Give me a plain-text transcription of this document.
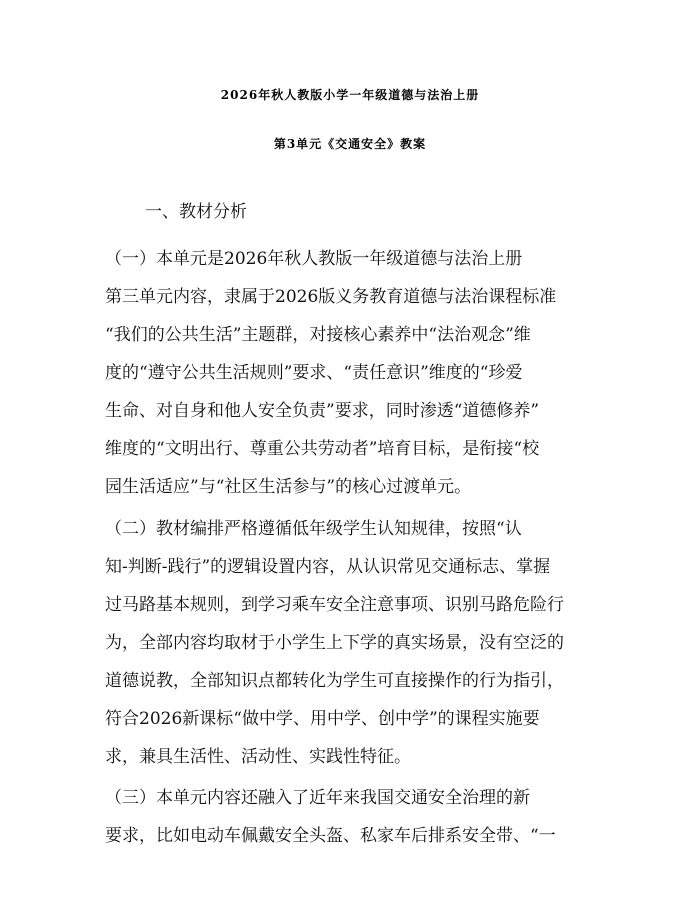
2026年秋人教版小学一年级道德与法治上册
第3单元《交通安全》教案
一、教材分析
（一）本单元是2026年秋人教版一年级道德与法治上册
第三单元内容，隶属于2026版义务教育道德与法治课程标准
“我们的公共生活”主题群，对接核心素养中“法治观念”维
度的“遵守公共生活规则”要求、“责任意识”维度的“珍爱
生命、对自身和他人安全负责”要求，同时渗透“道德修养”
维度的“文明出行、尊重公共劳动者”培育目标，是衔接“校
园生活适应”与“社区生活参与”的核心过渡单元。
（二）教材编排严格遵循低年级学生认知规律，按照“认
知-判断-践行”的逻辑设置内容，从认识常见交通标志、掌握
过马路基本规则，到学习乘车安全注意事项、识别马路危险行
为，全部内容均取材于小学生上下学的真实场景，没有空泛的
道德说教，全部知识点都转化为学生可直接操作的行为指引，
符合2026新课标“做中学、用中学、创中学”的课程实施要
求，兼具生活性、活动性、实践性特征。
（三）本单元内容还融入了近年来我国交通安全治理的新
要求，比如电动车佩戴安全头盔、私家车后排系安全带、“一
